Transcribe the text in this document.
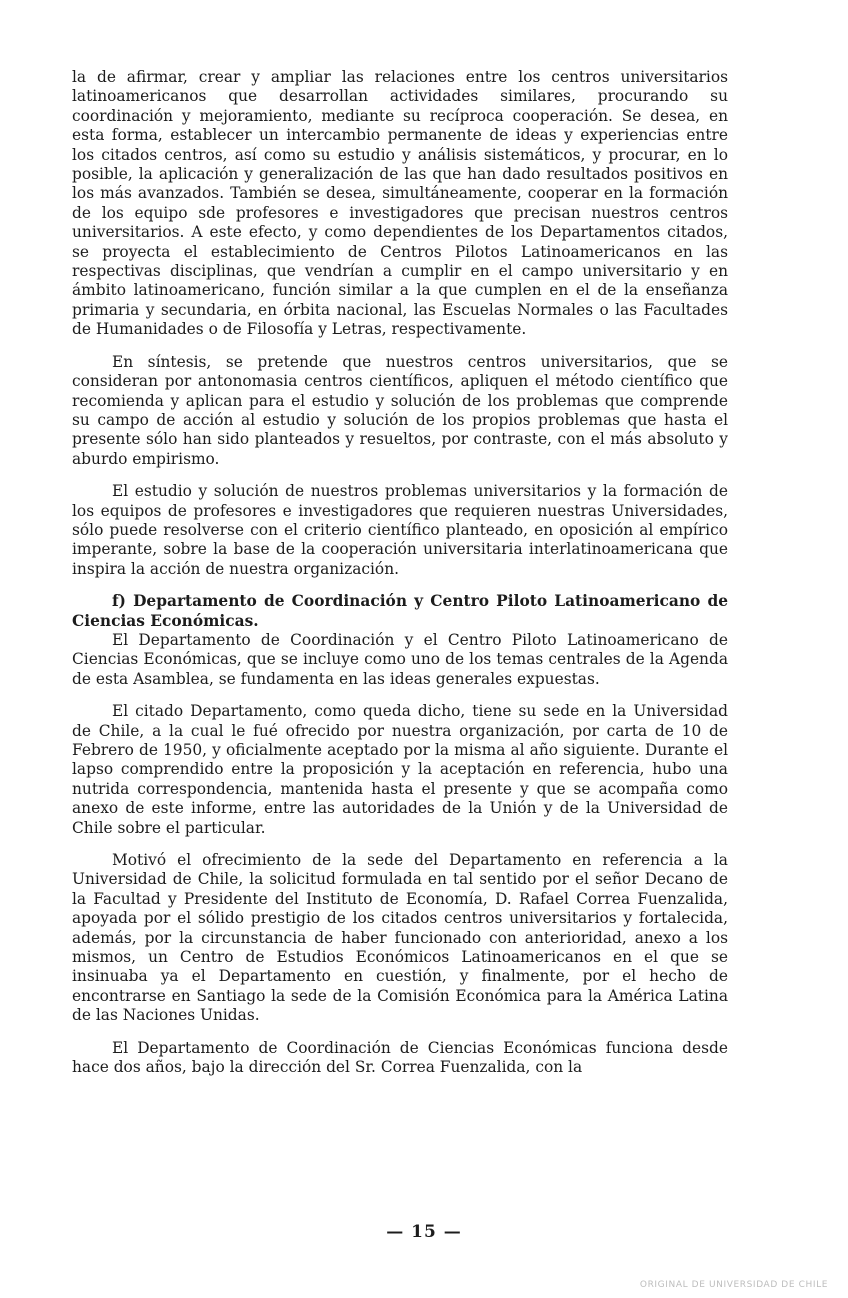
la de afirmar, crear y ampliar las relaciones entre los centros universitarios latinoamericanos que desarrollan actividades similares, procurando su coordinación y mejoramiento, mediante su recíproca cooperación. Se desea, en esta forma, establecer un intercambio permanente de ideas y experiencias entre los citados centros, así como su estudio y análisis sistemáticos, y procurar, en lo posible, la aplicación y generalización de las que han dado resultados positivos en los más avanzados. También se desea, simultáneamente, cooperar en la formación de los equipo sde profesores e investigadores que precisan nuestros centros universitarios. A este efecto, y como dependientes de los Departamentos citados, se proyecta el establecimiento de Centros Pilotos Latinoamericanos en las respectivas disciplinas, que vendrían a cumplir en el campo universitario y en ámbito latinoamericano, función similar a la que cumplen en el de la enseñanza primaria y secundaria, en órbita nacional, las Escuelas Normales o las Facultades de Humanidades o de Filosofía y Letras, respectivamente.

En síntesis, se pretende que nuestros centros universitarios, que se consideran por antonomasia centros científicos, apliquen el método científico que recomienda y aplican para el estudio y solución de los problemas que comprende su campo de acción al estudio y solución de los propios problemas que hasta el presente sólo han sido planteados y resueltos, por contraste, con el más absoluto y aburdo empirismo.

El estudio y solución de nuestros problemas universitarios y la formación de los equipos de profesores e investigadores que requieren nuestras Universidades, sólo puede resolverse con el criterio científico planteado, en oposición al empírico imperante, sobre la base de la cooperación universitaria interlatinoamericana que inspira la acción de nuestra organización.

f) Departamento de Coordinación y Centro Piloto Latinoamericano de Ciencias Económicas.

El Departamento de Coordinación y el Centro Piloto Latinoamericano de Ciencias Económicas, que se incluye como uno de los temas centrales de la Agenda de esta Asamblea, se fundamenta en las ideas generales expuestas.

El citado Departamento, como queda dicho, tiene su sede en la Universidad de Chile, a la cual le fué ofrecido por nuestra organización, por carta de 10 de Febrero de 1950, y oficialmente aceptado por la misma al año siguiente. Durante el lapso comprendido entre la proposición y la aceptación en referencia, hubo una nutrida correspondencia, mantenida hasta el presente y que se acompaña como anexo de este informe, entre las autoridades de la Unión y de la Universidad de Chile sobre el particular.

Motivó el ofrecimiento de la sede del Departamento en referencia a la Universidad de Chile, la solicitud formulada en tal sentido por el señor Decano de la Facultad y Presidente del Instituto de Economía, D. Rafael Correa Fuenzalida, apoyada por el sólido prestigio de los citados centros universitarios y fortalecida, además, por la circunstancia de haber funcionado con anterioridad, anexo a los mismos, un Centro de Estudios Económicos Latinoamericanos en el que se insinuaba ya el Departamento en cuestión, y finalmente, por el hecho de encontrarse en Santiago la sede de la Comisión Económica para la América Latina de las Naciones Unidas.

El Departamento de Coordinación de Ciencias Económicas funciona desde hace dos años, bajo la dirección del Sr. Correa Fuenzalida, con la

— 15 —
ORIGINAL DE UNIVERSIDAD DE CHILE
